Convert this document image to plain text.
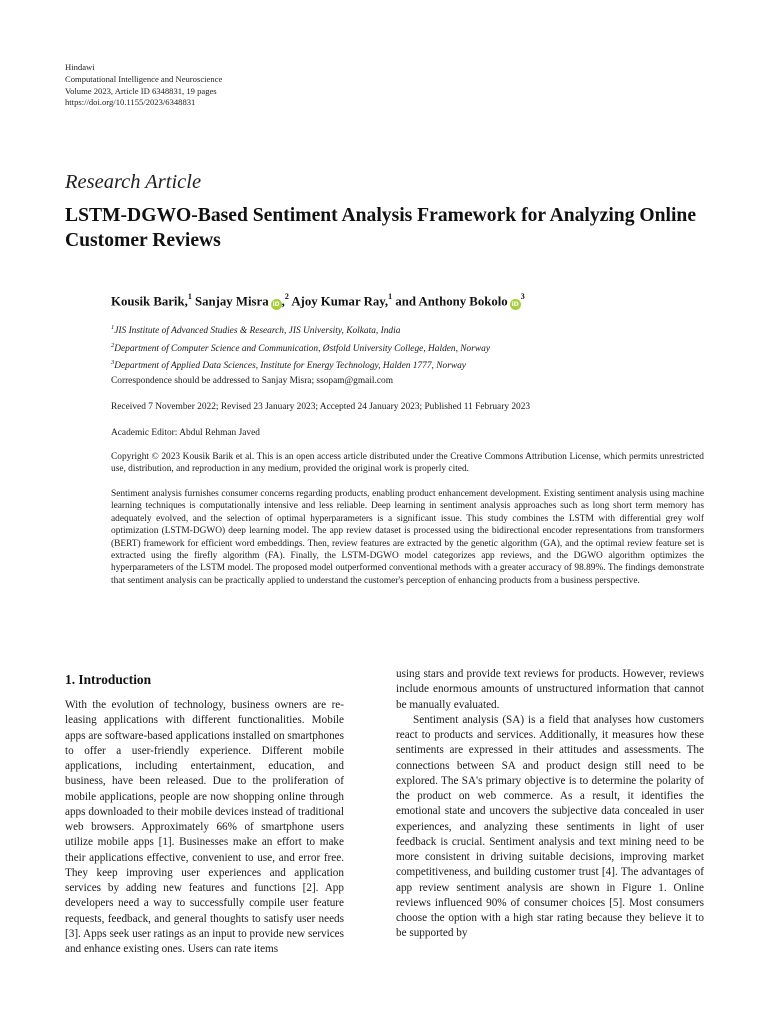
Hindawi
Computational Intelligence and Neuroscience
Volume 2023, Article ID 6348831, 19 pages
https://doi.org/10.1155/2023/6348831
Research Article
LSTM-DGWO-Based Sentiment Analysis Framework for Analyzing Online Customer Reviews
Kousik Barik,$^1$ Sanjay Misra iD ,$^2$ Ajoy Kumar Ray,$^1$ and Anthony Bokolo $iD^3$
$^1$JIS Institute of Advanced Studies & Research, JIS University, Kolkata, India
$^2$Department of Computer Science and Communication, Østfold University College, Halden, Norway
$^3$Department of Applied Data Sciences, Institute for Energy Technology, Halden 1777, Norway
Correspondence should be addressed to Sanjay Misra; ssopam@gmail.com
Received 7 November 2022; Revised 23 January 2023; Accepted 24 January 2023; Published 11 February 2023
Academic Editor: Abdul Rehman Javed
Copyright © 2023 Kousik Barik et al. This is an open access article distributed under the Creative Commons Attribution License, which permits unrestricted use, distribution, and reproduction in any medium, provided the original work is properly cited.
Sentiment analysis furnishes consumer concerns regarding products, enabling product enhancement development. Existing sentiment analysis using machine learning techniques is computationally intensive and less reliable. Deep learning in sentiment analysis approaches such as long short term memory has adequately evolved, and the selection of optimal hyperparameters is a significant issue. This study combines the LSTM with differential grey wolf optimization (LSTM-DGWO) deep learning model. The app review dataset is processed using the bidirectional encoder representations from transformers (BERT) framework for efficient word embeddings. Then, review features are extracted by the genetic algorithm (GA), and the optimal review feature set is extracted using the firefly algorithm (FA). Finally, the LSTM-DGWO model categorizes app reviews, and the DGWO algorithm optimizes the hyperparameters of the LSTM model. The proposed model outperformed conventional methods with a greater accuracy of 98.89%. The findings demonstrate that sentiment analysis can be practically applied to understand the customer's perception of enhancing products from a business perspective.
1. Introduction

With the evolution of technology, business owners are releasing applications with different functionalities. Mobile apps are software-based applications installed on smartphones to offer a user-friendly experience. Different mobile applications, including entertainment, education, and business, have been released. Due to the proliferation of mobile applications, people are now shopping online through apps downloaded to their mobile devices instead of traditional web browsers. Approximately 66% of smartphone users utilize mobile apps [1]. Businesses make an effort to make their applications effective, convenient to use, and error free. They keep improving user experiences and application services by adding new features and functions [2]. App developers need a way to successfully compile user feature requests, feedback, and general thoughts to satisfy user needs [3]. Apps seek user ratings as an input to provide new services and enhance existing ones. Users can rate items

using stars and provide text reviews for products. However, reviews include enormous amounts of unstructured information that cannot be manually evaluated.

Sentiment analysis (SA) is a field that analyses how customers react to products and services. Additionally, it measures how these sentiments are expressed in their attitudes and assessments. The connections between SA and product design still need to be explored. The SA's primary objective is to determine the polarity of the product on web commerce. As a result, it identifies the emotional state and uncovers the subjective data concealed in user experiences, and analyzing these sentiments in light of user feedback is crucial. Sentiment analysis and text mining need to be more consistent in driving suitable decisions, improving market competitiveness, and building customer trust [4]. The advantages of app review sentiment analysis are shown in Figure 1. Online reviews influenced 90% of consumer choices [5]. Most consumers choose the option with a high star rating because they believe it to be supported by
